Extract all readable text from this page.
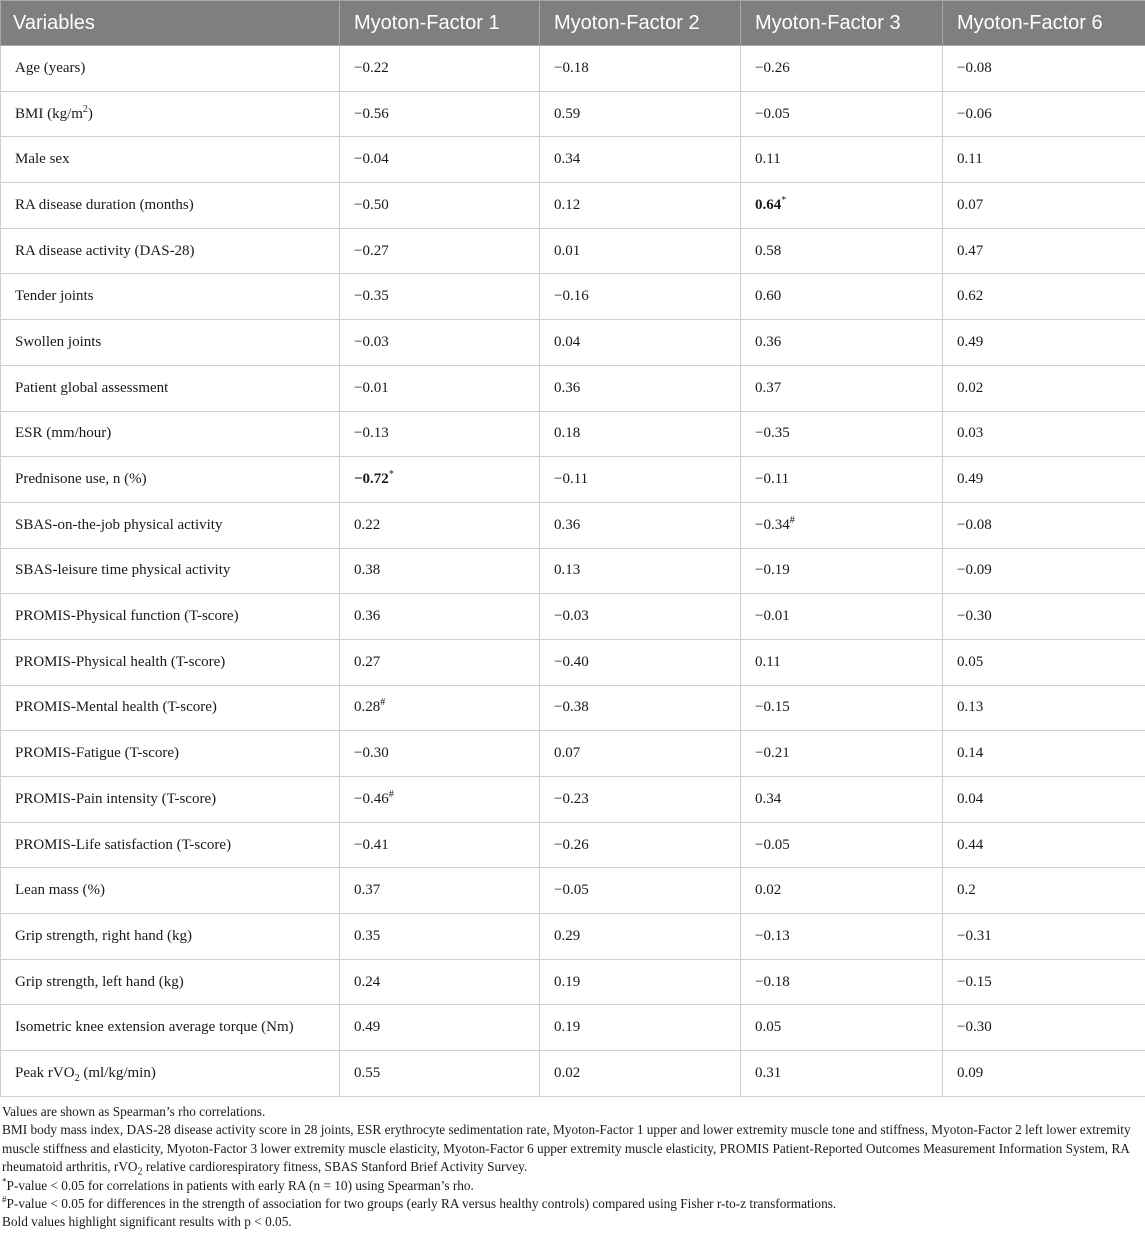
Variables	Myoton-Factor 1	Myoton-Factor 2	Myoton-Factor 3	Myoton-Factor 6
Age (years)	−0.22	−0.18	−0.26	−0.08
BMI $(kg/m^2)$	−0.56	0.59	−0.05	−0.06
Male sex	−0.04	0.34	0.11	0.11
RA disease duration (months)	−0.50	0.12	0.64*	0.07
RA disease activity (DAS-28)	−0.27	0.01	0.58	0.47
Tender joints	−0.35	−0.16	0.60	0.62
Swollen joints	−0.03	0.04	0.36	0.49
Patient global assessment	−0.01	0.36	0.37	0.02
ESR (mm/hour)	−0.13	0.18	−0.35	0.03
Prednisone use, n (%)	−0.72*	−0.11	−0.11	0.49
SBAS-on-the-job physical activity	0.22	0.36	−0.34#	−0.08
SBAS-leisure time physical activity	0.38	0.13	−0.19	−0.09
PROMIS-Physical function (T-score)	0.36	−0.03	−0.01	−0.30
PROMIS-Physical health (T-score)	0.27	−0.40	0.11	0.05
PROMIS-Mental health (T-score)	0.28#	−0.38	−0.15	0.13
PROMIS-Fatigue (T-score)	−0.30	0.07	−0.21	0.14
PROMIS-Pain intensity (T-score)	−0.46#	−0.23	0.34	0.04
PROMIS-Life satisfaction (T-score)	−0.41	−0.26	−0.05	0.44
Lean mass (%)	0.37	−0.05	0.02	0.2
Grip strength, right hand (kg)	0.35	0.29	−0.13	−0.31
Grip strength, left hand (kg)	0.24	0.19	−0.18	−0.15
Isometric knee extension average torque (Nm)	0.49	0.19	0.05	−0.30
Peak rVO$_2$ (ml/kg/min)	0.55	0.02	0.31	0.09

Values are shown as Spearman’s rho correlations.

BMI body mass index, DAS-28 disease activity score in 28 joints, ESR erythrocyte sedimentation rate, Myoton-Factor 1 upper and lower extremity muscle tone and stiffness, Myoton-Factor 2 left lower extremity muscle stiffness and elasticity, Myoton-Factor 3 lower extremity muscle elasticity, Myoton-Factor 6 upper extremity muscle elasticity, PROMIS Patient-Reported Outcomes Measurement Information System, RA rheumatoid arthritis, rVO$_2$ relative cardiorespiratory fitness, SBAS Stanford Brief Activity Survey.

*P-value < 0.05 for correlations in patients with early RA (n = 10) using Spearman’s rho.

#P-value < 0.05 for differences in the strength of association for two groups (early RA versus healthy controls) compared using Fisher r-to-z transformations.

Bold values highlight significant results with p < 0.05.
